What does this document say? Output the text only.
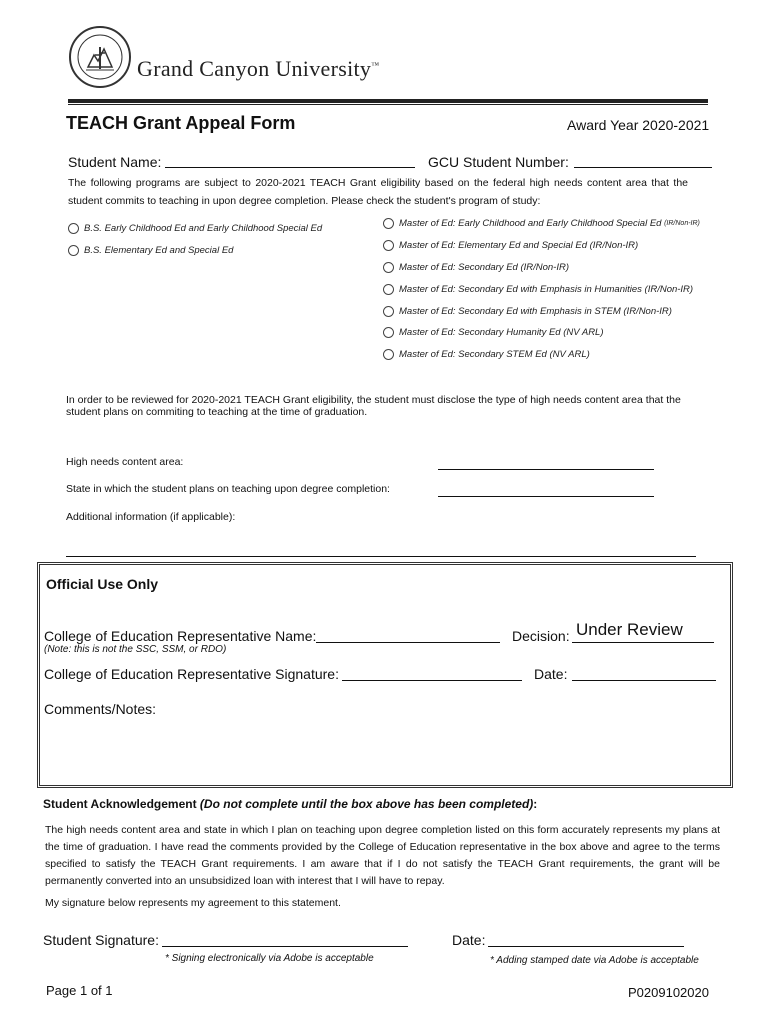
Grand Canyon University™
TEACH Grant Appeal Form	Award Year 2020-2021
Student Name:	GCU Student Number:
The following programs are subject to 2020-2021 TEACH Grant eligibility based on the federal high needs content area that the student commits to teaching in upon degree completion. Please check the student's program of study:
B.S. Early Childhood Ed and Early Childhood Special Ed
B.S. Elementary Ed and Special Ed
Master of Ed: Early Childhood and Early Childhood Special Ed
(IR/Non-IR)
Master of Ed: Elementary Ed and Special Ed (IR/Non-IR)
Master of Ed: Secondary Ed (IR/Non-IR)
Master of Ed: Secondary Ed with Emphasis in Humanities (IR/Non-IR)
Master of Ed: Secondary Ed with Emphasis in STEM (IR/Non-IR)
Master of Ed: Secondary Humanity Ed (NV ARL)
Master of Ed: Secondary STEM Ed (NV ARL)
In order to be reviewed for 2020-2021 TEACH Grant eligibility, the student must disclose the type of high needs content area that the student plans on commiting to teaching at the time of graduation.
High needs content area:
State in which the student plans on teaching upon degree completion:
Additional information (if applicable):
Official Use Only
College of Education Representative Name:	Decision: Under Review
(Note: this is not the SSC, SSM, or RDO)
College of Education Representative Signature:	Date:
Comments/Notes:
Student Acknowledgement (Do not complete until the box above has been completed):
The high needs content area and state in which I plan on teaching upon degree completion listed on this form accurately represents my plans at the time of graduation. I have read the comments provided by the College of Education representative in the box above and agree to the terms specified to satisfy the TEACH Grant requirements. I am aware that if I do not satisfy the TEACH Grant requirements, the grant will be permanently converted into an unsubsidized loan with interest that I will have to repay.
My signature below represents my agreement to this statement.
Student Signature:	Date:
* Signing electronically via Adobe is acceptable	* Adding stamped date via Adobe is acceptable
Page 1 of 1	P0209102020
